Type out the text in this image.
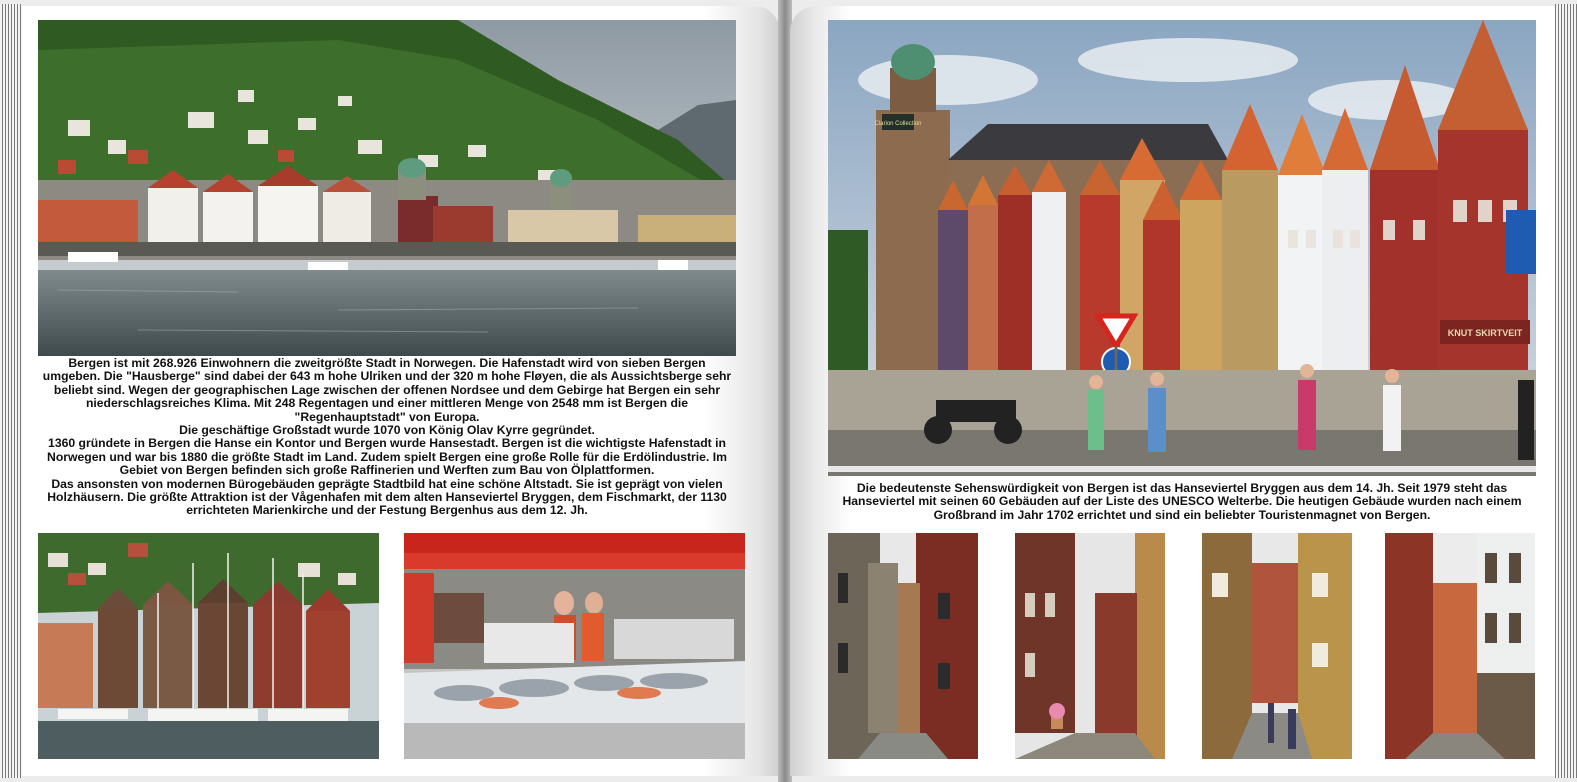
Bergen ist mit 268.926 Einwohnern die zweitgrößte Stadt in Norwegen. Die Hafenstadt wird von sieben Bergen umgeben. Die "Hausberge" sind dabei der 643 m hohe Ulriken und der 320 m hohe Fløyen, die als Aussichtsberge sehr beliebt sind. Wegen der geographischen Lage zwischen der offenen Nordsee und dem Gebirge hat Bergen ein sehr niederschlagsreiches Klima. Mit 248 Regentagen und einer mittleren Menge von 2548 mm ist Bergen die "Regenhauptstadt" von Europa.

Die geschäftige Großstadt wurde 1070 von König Olav Kyrre gegründet.

1360 gründete in Bergen die Hanse ein Kontor und Bergen wurde Hansestadt. Bergen ist die wichtigste Hafenstadt in Norwegen und war bis 1880 die größte Stadt im Land. Zudem spielt Bergen eine große Rolle für die Erdölindustrie. Im Gebiet von Bergen befinden sich große Raffinerien und Werften zum Bau von Ölplattformen.

Das ansonsten von modernen Bürogebäuden geprägte Stadtbild hat eine schöne Altstadt. Sie ist geprägt von vielen Holzhäusern. Die größte Attraktion ist der Vågenhafen mit dem alten Hanseviertel Bryggen, dem Fischmarkt, der 1130 errichteten Marienkirche und der Festung Bergenhus aus dem 12. Jh.

Clarion Collection
KNUT SKIRTVEIT

Die bedeutenste Sehenswürdigkeit von Bergen ist das Hanseviertel Bryggen aus dem 14. Jh. Seit 1979 steht das Hanseviertel mit seinen 60 Gebäuden auf der Liste des UNESCO Welterbe. Die heutigen Gebäude wurden nach einem Großbrand im Jahr 1702 errichtet und sind ein beliebter Touristenmagnet von Bergen.
